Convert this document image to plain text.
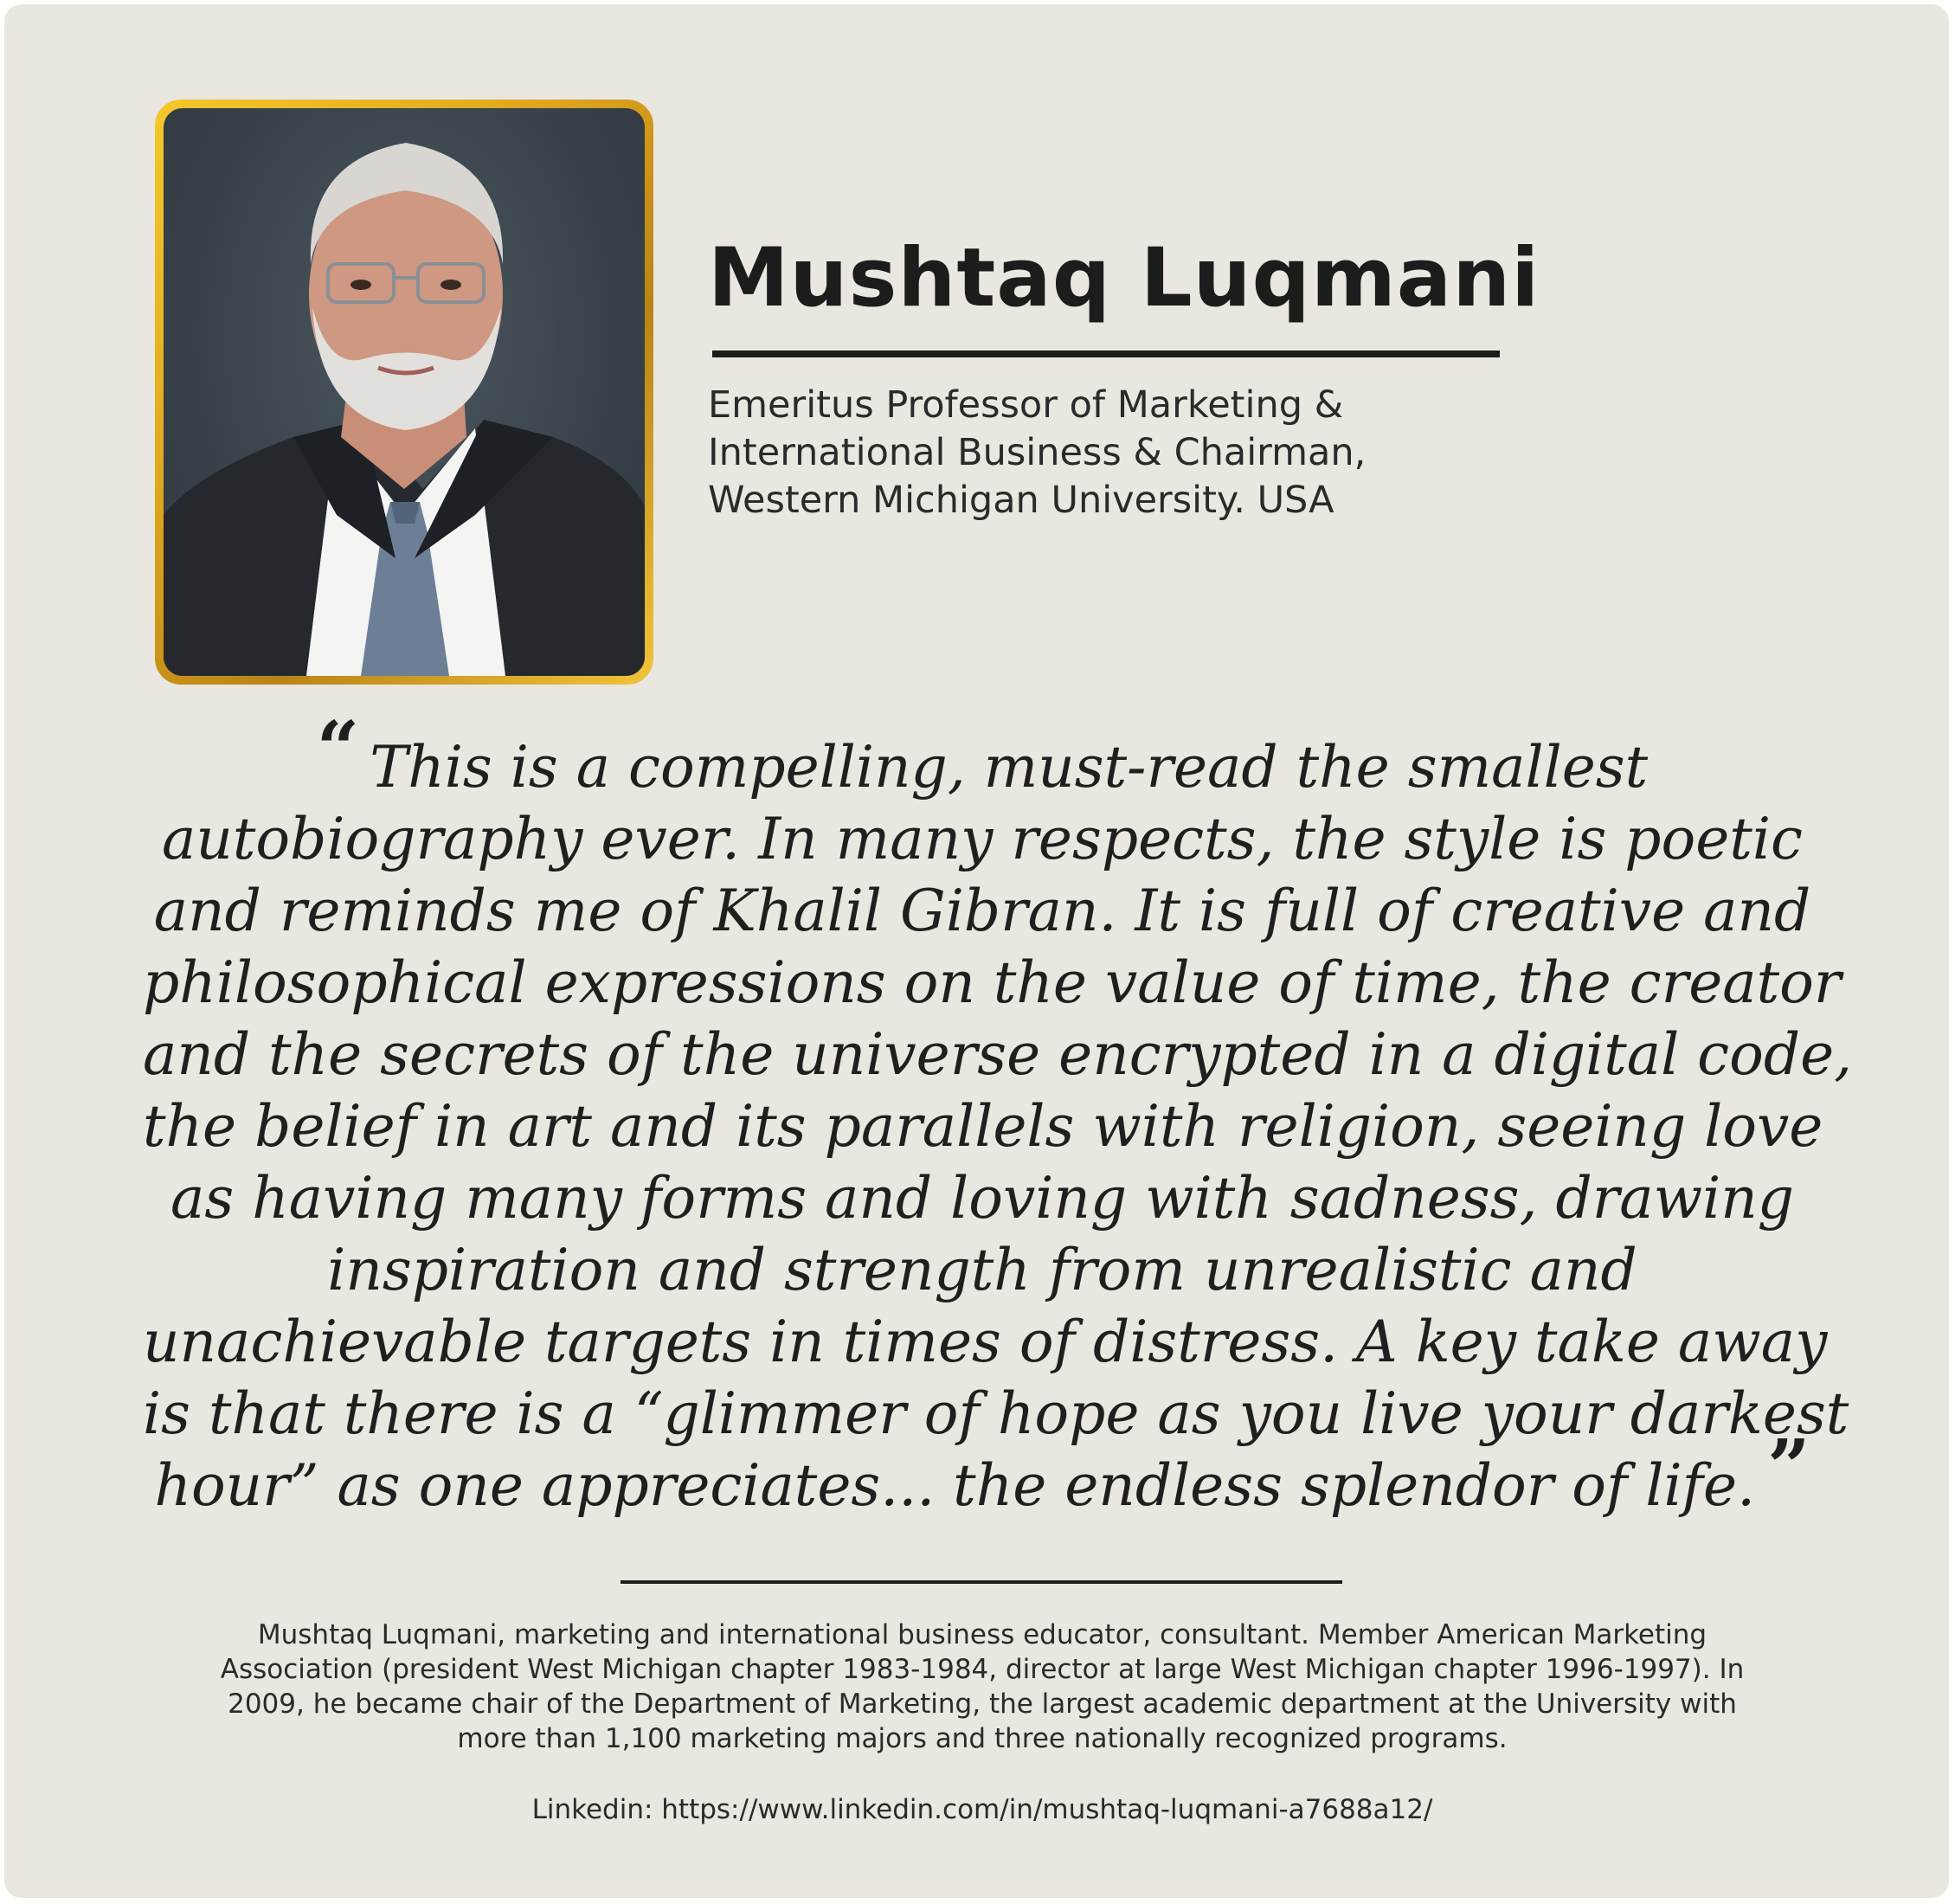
Mushtaq Luqmani
Emeritus Professor of Marketing &
International Business & Chairman,
Western Michigan University. USA
“ This is a compelling, must-read the smallest
autobiography ever. In many respects, the style is poetic
and reminds me of Khalil Gibran. It is full of creative and
philosophical expressions on the value of time, the creator
and the secrets of the universe encrypted in a digital code,
the belief in art and its parallels with religion, seeing love
as having many forms and loving with sadness, drawing
inspiration and strength from unrealistic and
unachievable targets in times of distress. A key take away
is that there is a “glimmer of hope as you live your darkest
hour” as one appreciates... the endless splendor of life. ”
Mushtaq Luqmani, marketing and international business educator, consultant. Member American Marketing
Association (president West Michigan chapter 1983-1984, director at large West Michigan chapter 1996-1997). In
2009, he became chair of the Department of Marketing, the largest academic department at the University with
more than 1,100 marketing majors and three nationally recognized programs.
Linkedin: https://www.linkedin.com/in/mushtaq-luqmani-a7688a12/
